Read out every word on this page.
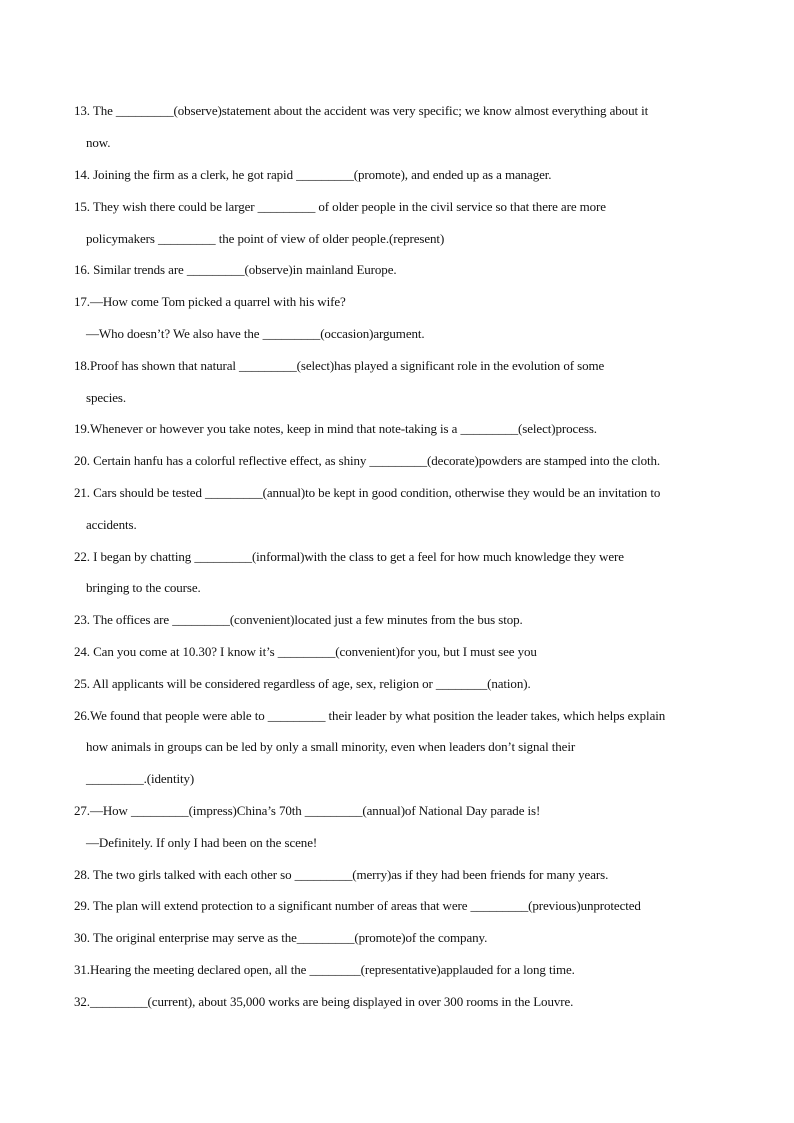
13. The _________(observe)statement about the accident was very specific; we know almost everything about it
now.
14. Joining the firm as a clerk, he got rapid _________(promote), and ended up as a manager.
15. They wish there could be larger _________ of older people in the civil service so that there are more
policymakers _________ the point of view of older people.(represent)
16. Similar trends are _________(observe)in mainland Europe.
17.—How come Tom picked a quarrel with his wife?
—Who doesn’t? We also have the _________(occasion)argument.
18.Proof has shown that natural _________(select)has played a significant role in the evolution of some
species.
19.Whenever or however you take notes, keep in mind that note-taking is a _________(select)process.
20. Certain hanfu has a colorful reflective effect, as shiny _________(decorate)powders are stamped into the cloth.
21. Cars should be tested _________(annual)to be kept in good condition, otherwise they would be an invitation to
accidents.
22. I began by chatting _________(informal)with the class to get a feel for how much knowledge they were
bringing to the course.
23. The offices are _________(convenient)located just a few minutes from the bus stop.
24. Can you come at 10.30? I know it’s _________(convenient)for you, but I must see you
25. All applicants will be considered regardless of age, sex, religion or ________(nation).
26.We found that people were able to _________ their leader by what position the leader takes, which helps explain
how animals in groups can be led by only a small minority, even when leaders don’t signal their
_________.(identity)
27.—How _________(impress)China’s 70th _________(annual)of National Day parade is!
—Definitely. If only I had been on the scene!
28. The two girls talked with each other so _________(merry)as if they had been friends for many years.
29. The plan will extend protection to a significant number of areas that were _________(previous)unprotected
30. The original enterprise may serve as the_________(promote)of the company.
31.Hearing the meeting declared open, all the ________(representative)applauded for a long time.
32._________(current), about 35,000 works are being displayed in over 300 rooms in the Louvre.
